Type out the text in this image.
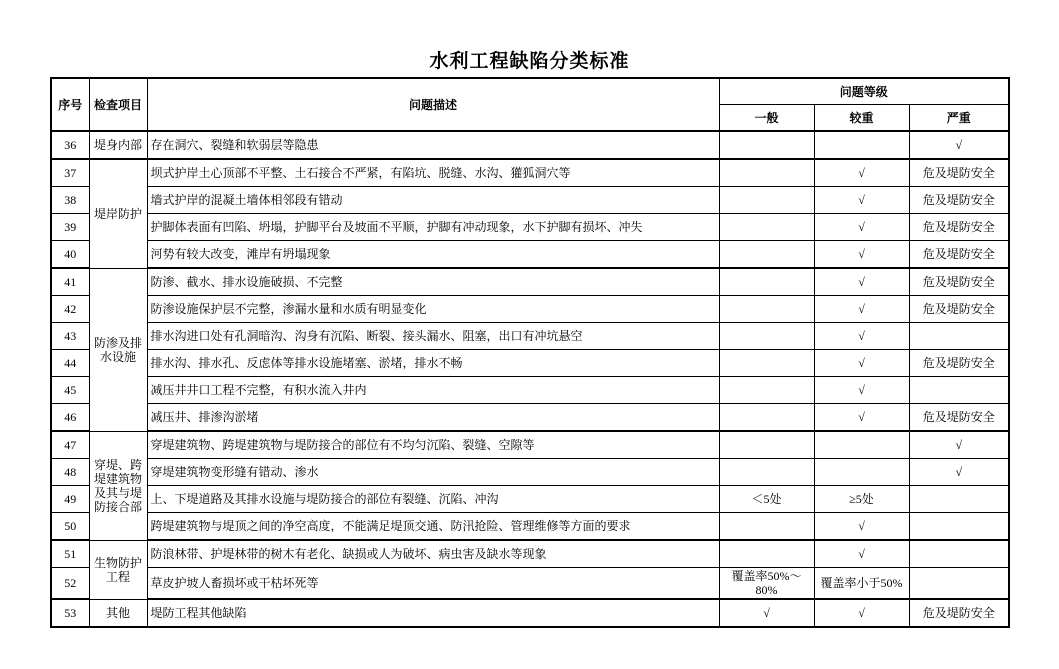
水利工程缺陷分类标准
序号	检查项目	问题描述	问题等级		
			一般	较重	严重
36	堤身内部	存在洞穴、裂缝和软弱层等隐患			√
37	堤岸防护	坝式护岸土心顶部不平整、土石接合不严紧，有陷坑、脱缝、水沟、獾狐洞穴等		√	危及堤防安全
38		墙式护岸的混凝土墙体相邻段有错动		√	危及堤防安全
39		护脚体表面有凹陷、坍塌，护脚平台及坡面不平顺，护脚有冲动现象，水下护脚有损坏、冲失		√	危及堤防安全
40		河势有较大改变，滩岸有坍塌现象		√	危及堤防安全
41	防渗及排水设施	防渗、截水、排水设施破损、不完整		√	危及堤防安全
42		防渗设施保护层不完整，渗漏水量和水质有明显变化		√	危及堤防安全
43		排水沟进口处有孔洞暗沟、沟身有沉陷、断裂、接头漏水、阻塞，出口有冲坑悬空		√	
44		排水沟、排水孔、反虑体等排水设施堵塞、淤堵，排水不畅		√	危及堤防安全
45		减压井井口工程不完整，有积水流入井内		√	
46		减压井、排渗沟淤堵		√	危及堤防安全
47	穿堤、跨堤建筑物及其与堤防接合部	穿堤建筑物、跨堤建筑物与堤防接合的部位有不均匀沉陷、裂缝、空隙等			√
48		穿堤建筑物变形缝有错动、渗水			√
49		上、下堤道路及其排水设施与堤防接合的部位有裂缝、沉陷、冲沟	＜5处	≥5处	
50		跨堤建筑物与堤顶之间的净空高度，不能满足堤顶交通、防汛抢险、管理维修等方面的要求		√	
51	生物防护工程	防浪林带、护堤林带的树木有老化、缺损或人为破坏、病虫害及缺水等现象		√	
52		草皮护坡人畜损坏或干枯坏死等	覆盖率50%～80%	覆盖率小于50%	
53	其他	堤防工程其他缺陷	√	√	危及堤防安全
